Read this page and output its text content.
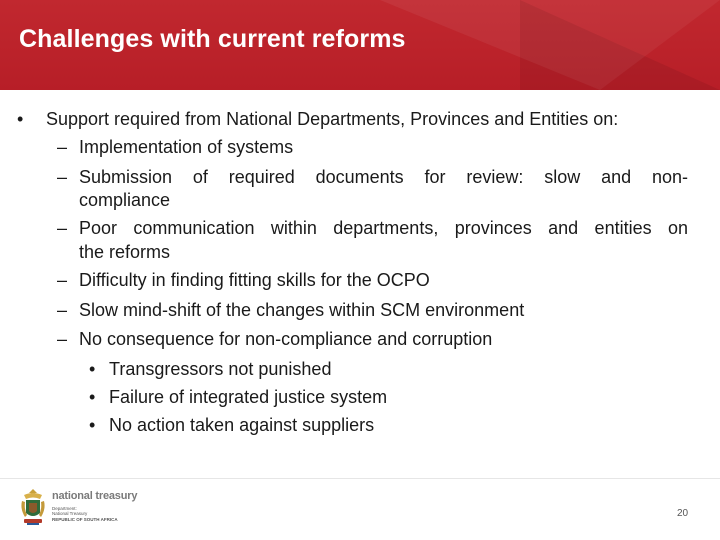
Challenges with current reforms
• Support required from National Departments, Provinces and Entities on:
– Implementation of systems
– Submission of required documents for review: slow and non-
compliance
– Poor communication within departments, provinces and entities on
the reforms
– Difficulty in finding fitting skills for the OCPO
– Slow mind-shift of the changes within SCM environment
– No consequence for non-compliance and corruption
• Transgressors not punished
• Failure of integrated justice system
• No action taken against suppliers
national treasury
Department:
National Treasury
REPUBLIC OF SOUTH AFRICA
20
